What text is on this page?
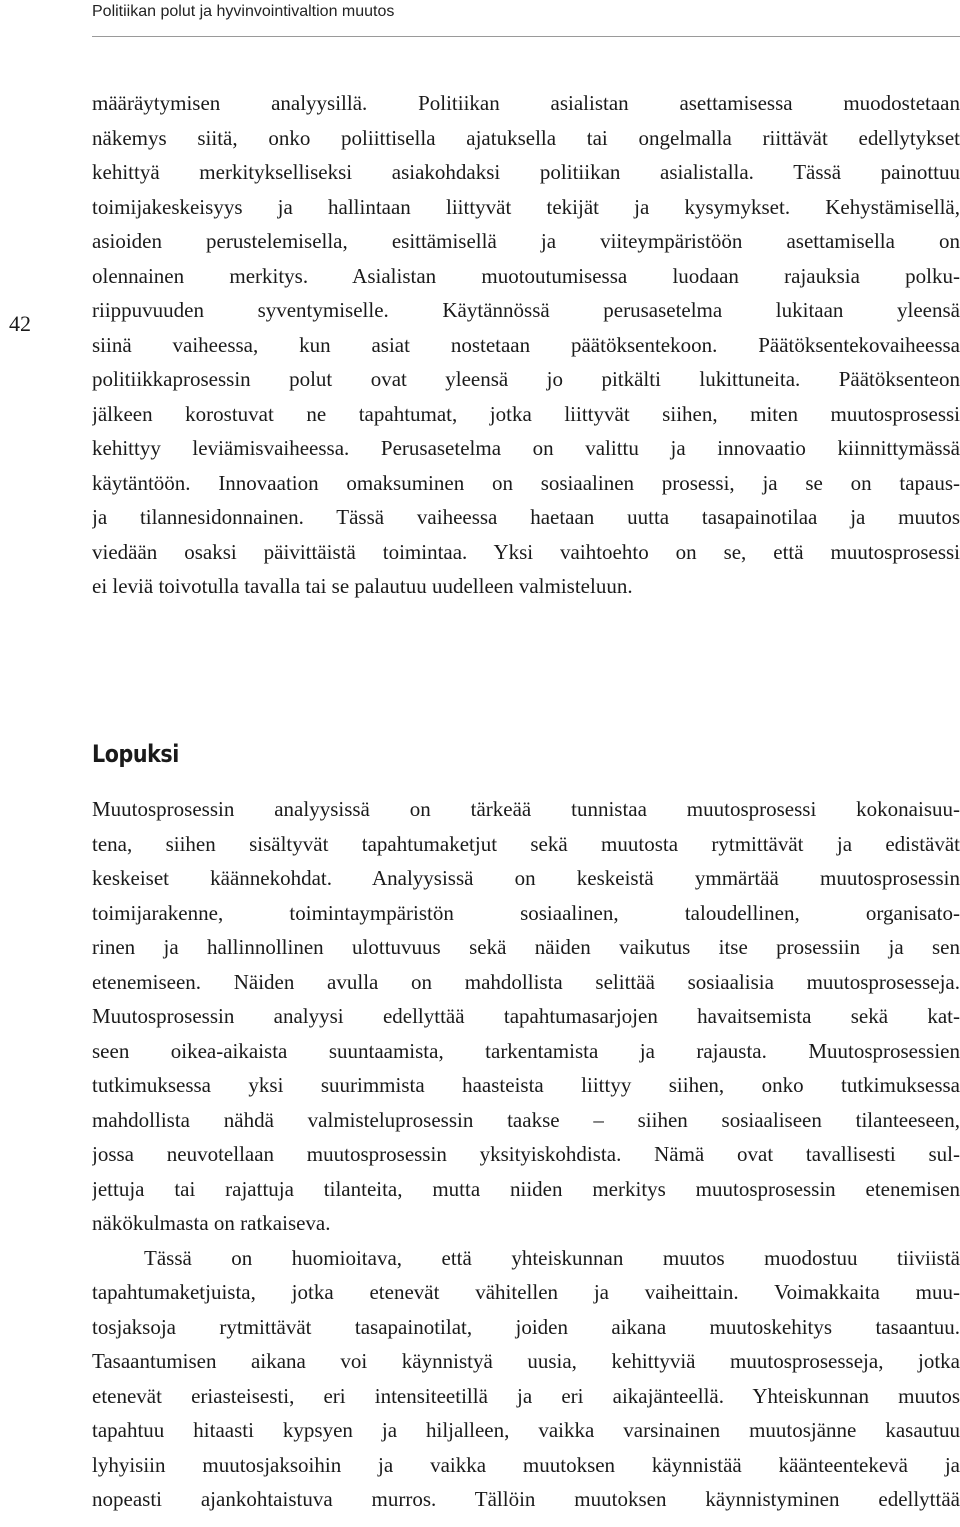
Politiikan polut ja hyvinvointivaltion muutos
42
määräytymisen analyysillä. Politiikan asialistan asettamisessa muodostetaan
näkemys siitä, onko poliittisella ajatuksella tai ongelmalla riittävät edellytykset
kehittyä merkitykselliseksi asiakohdaksi politiikan asialistalla. Tässä painottuu
toimijakeskeisyys ja hallintaan liittyvät tekijät ja kysymykset. Kehystämisellä,
asioiden perustelemisella, esittämisellä ja viiteympäristöön asettamisella on
olennainen merkitys. Asialistan muotoutumisessa luodaan rajauksia polku-
riippuvuuden syventymiselle. Käytännössä perusasetelma lukitaan yleensä
siinä vaiheessa, kun asiat nostetaan päätöksentekoon. Päätöksentekovaiheessa
politiikkaprosessin polut ovat yleensä jo pitkälti lukittuneita. Päätöksenteon
jälkeen korostuvat ne tapahtumat, jotka liittyvät siihen, miten muutosprosessi
kehittyy leviämisvaiheessa. Perusasetelma on valittu ja innovaatio kiinnittymässä
käytäntöön. Innovaation omaksuminen on sosiaalinen prosessi, ja se on tapaus-
ja tilannesidonnainen. Tässä vaiheessa haetaan uutta tasapainotilaa ja muutos
viedään osaksi päivittäistä toimintaa. Yksi vaihtoehto on se, että muutosprosessi
ei leviä toivotulla tavalla tai se palautuu uudelleen valmisteluun.
Lopuksi
Muutosprosessin analyysissä on tärkeää tunnistaa muutosprosessi kokonaisuu-
tena, siihen sisältyvät tapahtumaketjut sekä muutosta rytmittävät ja edistävät
keskeiset käännekohdat. Analyysissä on keskeistä ymmärtää muutosprosessin
toimijarakenne, toimintaympäristön sosiaalinen, taloudellinen, organisato-
rinen ja hallinnollinen ulottuvuus sekä näiden vaikutus itse prosessiin ja sen
etenemiseen. Näiden avulla on mahdollista selittää sosiaalisia muutosprosesseja.
Muutosprosessin analyysi edellyttää tapahtumasarjojen havaitsemista sekä kat-
seen oikea-aikaista suuntaamista, tarkentamista ja rajausta. Muutosprosessien
tutkimuksessa yksi suurimmista haasteista liittyy siihen, onko tutkimuksessa
mahdollista nähdä valmisteluprosessin taakse – siihen sosiaaliseen tilanteeseen,
jossa neuvotellaan muutosprosessin yksityiskohdista. Nämä ovat tavallisesti sul-
jettuja tai rajattuja tilanteita, mutta niiden merkitys muutosprosessin etenemisen
näkökulmasta on ratkaiseva.
Tässä on huomioitava, että yhteiskunnan muutos muodostuu tiiviistä
tapahtumaketjuista, jotka etenevät vähitellen ja vaiheittain. Voimakkaita muu-
tosjaksoja rytmittävät tasapainotilat, joiden aikana muutoskehitys tasaantuu.
Tasaantumisen aikana voi käynnistyä uusia, kehittyviä muutosprosesseja, jotka
etenevät eriasteisesti, eri intensiteetillä ja eri aikajänteellä. Yhteiskunnan muutos
tapahtuu hitaasti kypsyen ja hiljalleen, vaikka varsinainen muutosjänne kasautuu
lyhyisiin muutosjaksoihin ja vaikka muutoksen käynnistää käänteentekevä ja
nopeasti ajankohtaistuva murros. Tällöin muutoksen käynnistyminen edellyttää
